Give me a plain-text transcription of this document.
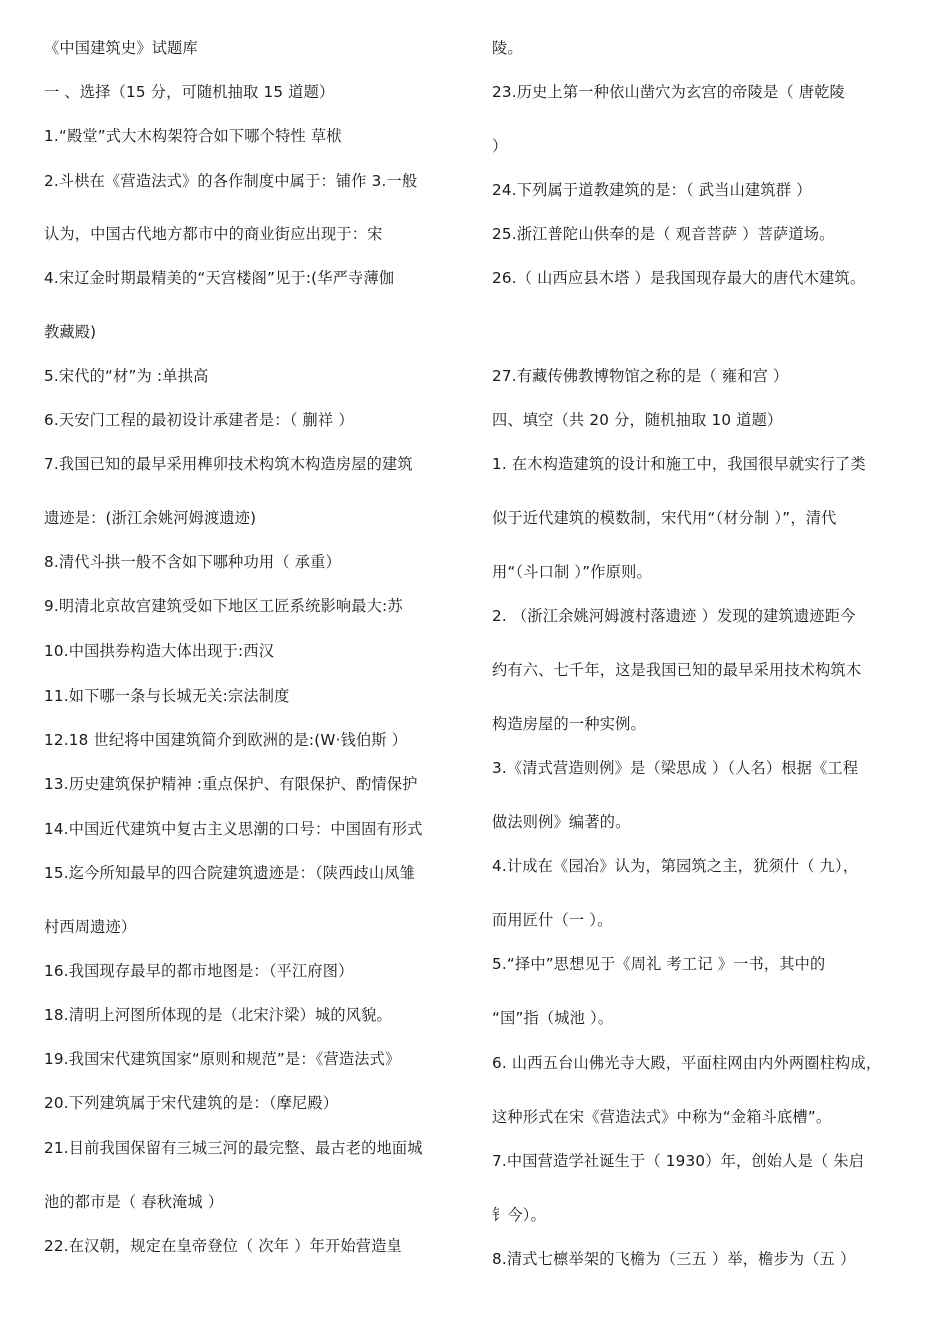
《中国建筑史》试题库
一 、选择（15 分，可随机抽取 15 道题）
1.“殿堂”式大木构架符合如下哪个特性 草栿
2.斗栱在《营造法式》的各作制度中属于：铺作 3.一般
认为，中国古代地方都市中的商业街应出现于：宋
4.宋辽金时期最精美的“天宫楼阁”见于:(华严寺薄伽
教藏殿)
5.宋代的“材”为 :单拱高
6.天安门工程的最初设计承建者是：（ 蒯祥 ）
7.我国已知的最早采用榫卯技术构筑木构造房屋的建筑
遗迹是：(浙江余姚河姆渡遗迹)
8.清代斗拱一般不含如下哪种功用（ 承重）
9.明清北京故宫建筑受如下地区工匠系统影响最大:苏
10.中国拱券构造大体出现于:西汉
11.如下哪一条与长城无关:宗法制度
12.18 世纪将中国建筑简介到欧洲的是:(W·钱伯斯 ）
13.历史建筑保护精神 :重点保护、有限保护、酌情保护
14.中国近代建筑中复古主义思潮的口号：中国固有形式
15.迄今所知最早的四合院建筑遗迹是：（陕西歧山凤雏
村西周遗迹）
16.我国现存最早的都市地图是：（平江府图）
18.清明上河图所体现的是（北宋汴梁）城的风貌。
19.我国宋代建筑国家“原则和规范”是：《营造法式》
20.下列建筑属于宋代建筑的是：（摩尼殿）
21.目前我国保留有三城三河的最完整、最古老的地面城
池的都市是（ 春秋淹城 ）
22.在汉朝，规定在皇帝登位（ 次年 ）年开始营造皇
陵。
23.历史上第一种依山凿穴为玄宫的帝陵是（ 唐乾陵
）
24.下列属于道教建筑的是：（ 武当山建筑群 ）
25.浙江普陀山供奉的是（ 观音菩萨 ）菩萨道场。
26.（ 山西应县木塔 ）是我国现存最大的唐代木建筑。
27.有藏传佛教博物馆之称的是（ 雍和宫 ）
四、填空（共 20 分，随机抽取 10 道题）
1. 在木构造建筑的设计和施工中，我国很早就实行了类
似于近代建筑的模数制，宋代用“（材分制 ）”，清代
用“（斗口制 ）”作原则。
2. （浙江余姚河姆渡村落遗迹 ）发现的建筑遗迹距今
约有六、七千年，这是我国已知的最早采用技术构筑木
构造房屋的一种实例。
3.《清式营造则例》是（梁思成 ）（人名）根据《工程
做法则例》编著的。
4.计成在《园冶》认为，第园筑之主，犹须什（ 九），
而用匠什（一 ）。
5.“择中”思想见于《周礼 考工记 》一书，其中的
“国”指（城池 ）。
6. 山西五台山佛光寺大殿，平面柱网由内外两圈柱构成，
这种形式在宋《营造法式》中称为“金箱斗底槽”。
7.中国营造学社诞生于（ 1930）年，创始人是（ 朱启
钅今）。
8.清式七檩举架的飞檐为（三五 ）举，檐步为（五 ）
